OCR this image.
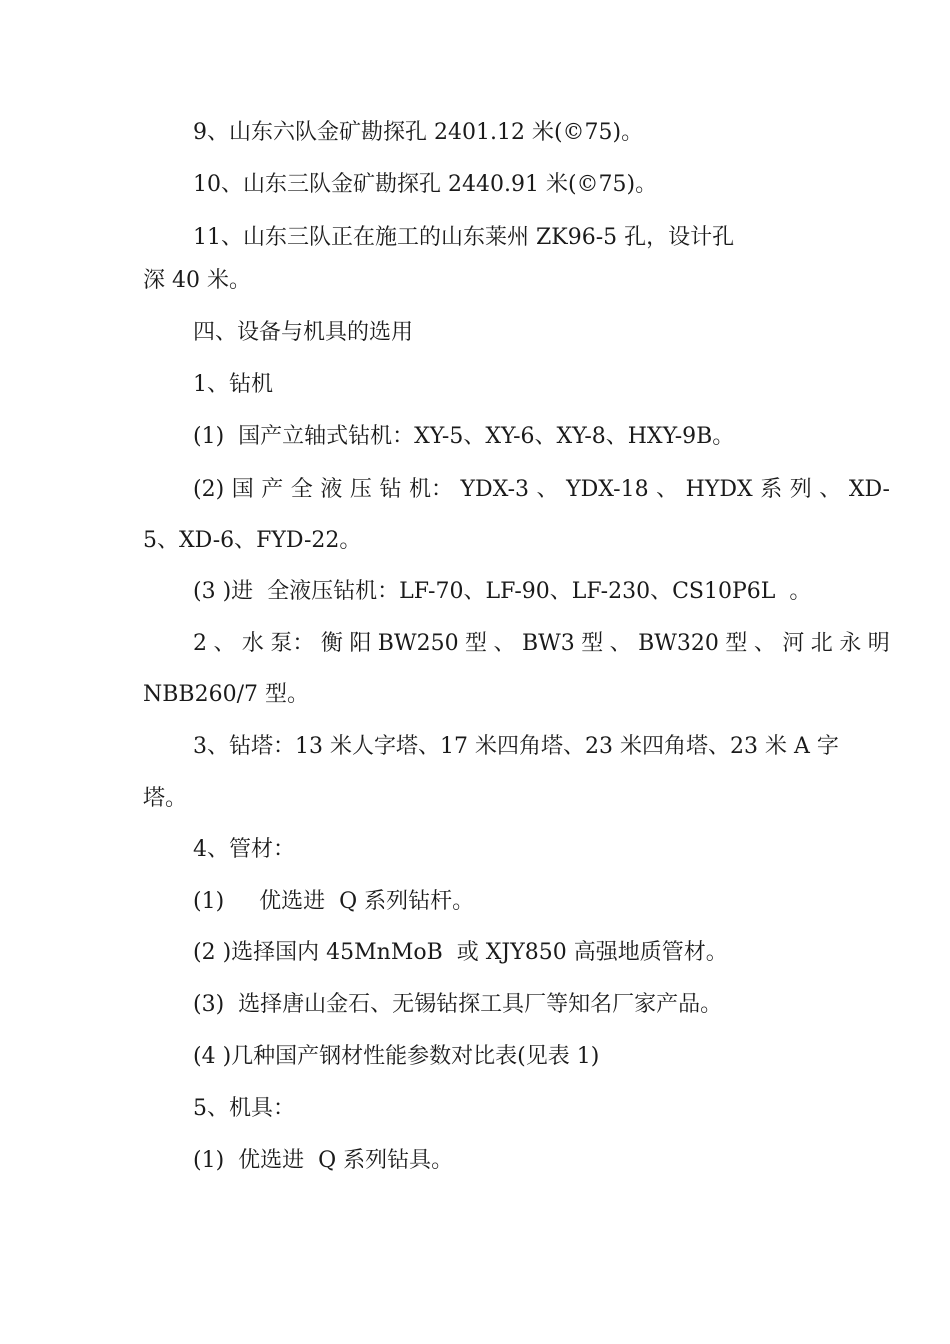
9、山东六队金矿勘探孔 2401.12 米(©75)。
10、山东三队金矿勘探孔 2440.91 米(©75)。
11、山东三队正在施工的山东莱州 ZK96-5 孔，设计孔
深 40 米。
四、设备与机具的选用
1、钻机
(1)  国产立轴式钻机：XY-5、XY-6、XY-8、HXY-9B。
(2) 国 产 全 液 压 钻 机： YDX-3 、 YDX-18 、 HYDX 系 列 、 XD-
5、XD-6、FYD-22。
(3 )进  全液压钻机：LF-70、LF-90、LF-230、CS10P6L  。
2 、 水 泵： 衡 阳 BW250 型 、 BW3 型 、 BW320 型 、 河 北 永 明
NBB260/7 型。
3、钻塔：13 米人字塔、17 米四角塔、23 米四角塔、23 米 A 字
塔。
4、管材：
(1)     优选进  Q 系列钻杆。
(2 )选择国内 45MnMoB  或 XJY850 高强地质管材。
(3)  选择唐山金石、无锡钻探工具厂等知名厂家产品。
(4 )几种国产钢材性能参数对比表(见表 1)
5、机具：
(1)  优选进  Q 系列钻具。
